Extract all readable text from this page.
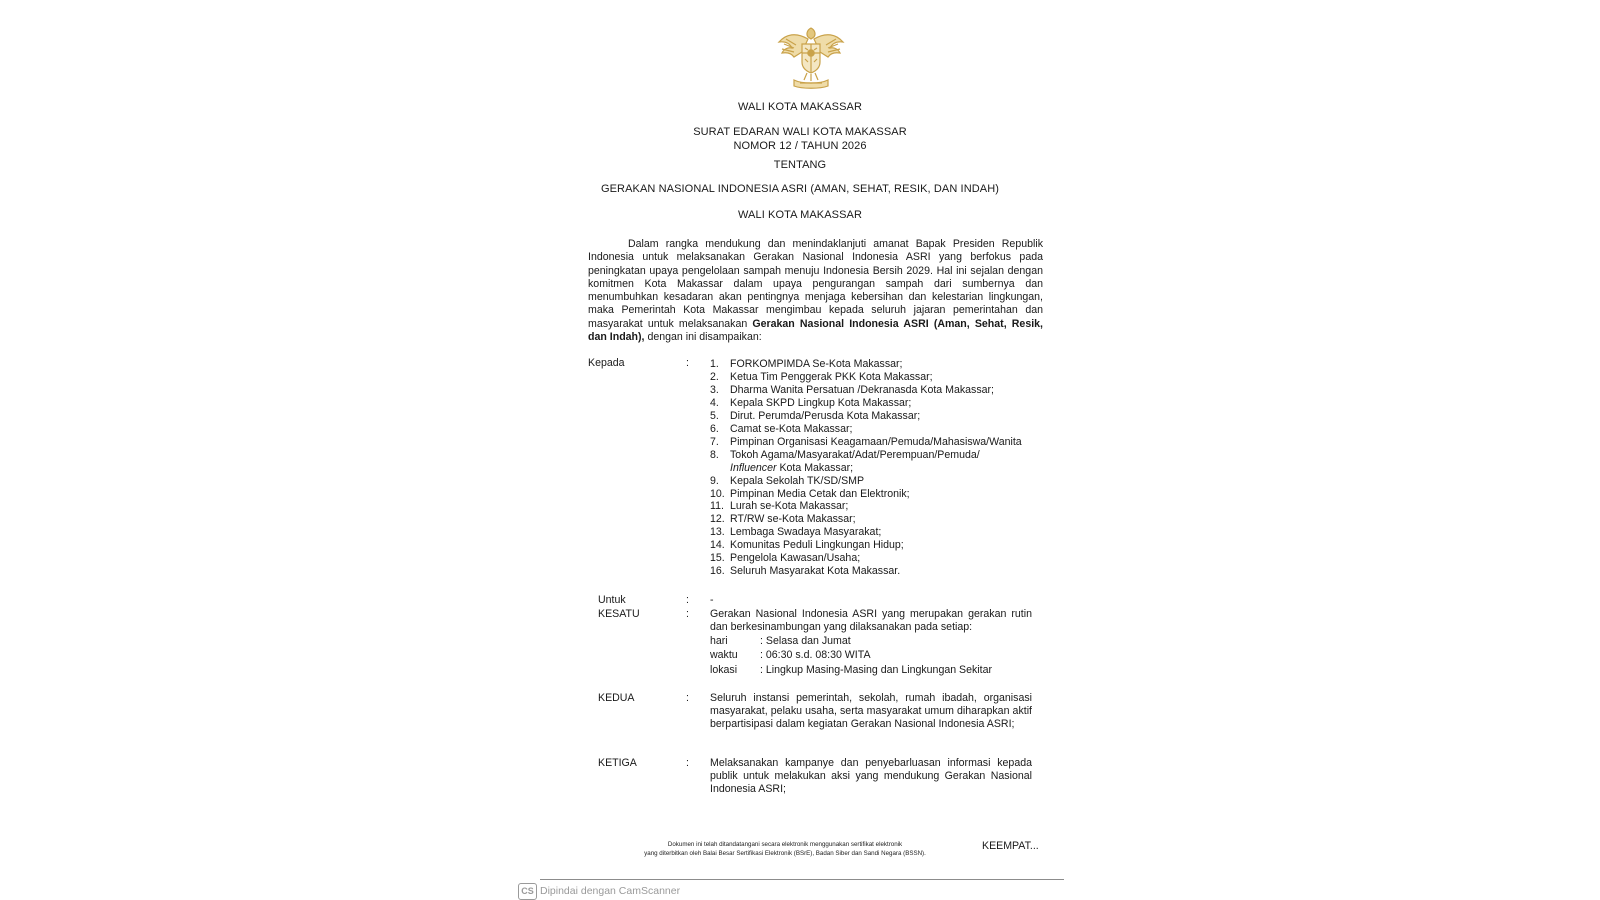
WALI KOTA MAKASSAR
SURAT EDARAN WALI KOTA MAKASSAR
NOMOR 12 / TAHUN 2026
TENTANG
GERAKAN NASIONAL INDONESIA ASRI (AMAN, SEHAT, RESIK, DAN INDAH)
WALI KOTA MAKASSAR
Dalam rangka mendukung dan menindaklanjuti amanat Bapak Presiden Republik Indonesia untuk melaksanakan Gerakan Nasional Indonesia ASRI yang berfokus pada peningkatan upaya pengelolaan sampah menuju Indonesia Bersih 2029. Hal ini sejalan dengan komitmen Kota Makassar dalam upaya pengurangan sampah dari sumbernya dan menumbuhkan kesadaran akan pentingnya menjaga kebersihan dan kelestarian lingkungan, maka Pemerintah Kota Makassar mengimbau kepada seluruh jajaran pemerintahan dan masyarakat untuk melaksanakan Gerakan Nasional Indonesia ASRI (Aman, Sehat, Resik, dan Indah), dengan ini disampaikan:
Kepada	: 1. FORKOMPIMDA Se-Kota Makassar;
2. Ketua Tim Penggerak PKK Kota Makassar;
3. Dharma Wanita Persatuan /Dekranasda Kota Makassar;
4. Kepala SKPD Lingkup Kota Makassar;
5. Dirut. Perumda/Perusda Kota Makassar;
6. Camat se-Kota Makassar;
7. Pimpinan Organisasi Keagamaan/Pemuda/Mahasiswa/Wanita
8. Tokoh Agama/Masyarakat/Adat/Perempuan/Pemuda/
Influencer Kota Makassar;
9. Kepala Sekolah TK/SD/SMP
10. Pimpinan Media Cetak dan Elektronik;
11. Lurah se-Kota Makassar;
12. RT/RW se-Kota Makassar;
13. Lembaga Swadaya Masyarakat;
14. Komunitas Peduli Lingkungan Hidup;
15. Pengelola Kawasan/Usaha;
16. Seluruh Masyarakat Kota Makassar.
Untuk	: -
KESATU	: Gerakan Nasional Indonesia ASRI yang merupakan gerakan rutin dan berkesinambungan yang dilaksanakan pada setiap:
hari	: Selasa dan Jumat
waktu : 06:30 s.d. 08:30 WITA
lokasi : Lingkup Masing-Masing dan Lingkungan Sekitar
KEDUA	: Seluruh instansi pemerintah, sekolah, rumah ibadah, organisasi masyarakat, pelaku usaha, serta masyarakat umum diharapkan aktif berpartisipasi dalam kegiatan Gerakan Nasional Indonesia ASRI;
KETIGA	: Melaksanakan kampanye dan penyebarluasan informasi kepada publik untuk melakukan aksi yang mendukung Gerakan Nasional Indonesia ASRI;
Dokumen ini telah ditandatangani secara elektronik menggunakan sertifikat elektronik
yang diterbitkan oleh Balai Besar Sertifikasi Elektronik (BSrE), Badan Siber dan Sandi Negara (BSSN).
KEEMPAT...
CS Dipindai dengan CamScanner
